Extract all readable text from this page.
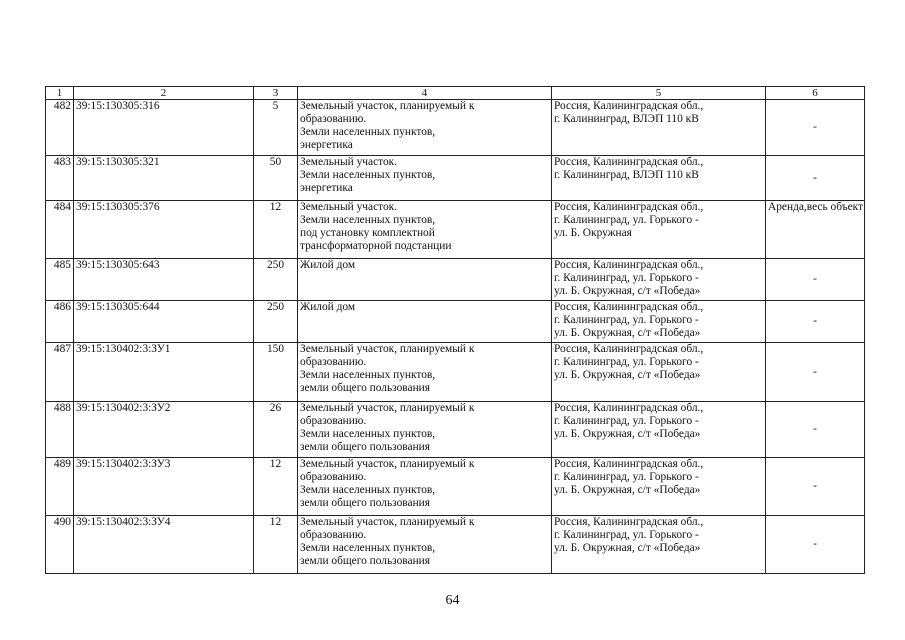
1	2	3	4	5	6
482	39:15:130305:316	5	Земельный участок, планируемый к
образованию.
Земли населенных пунктов,
энергетика	Россия, Калининградская обл.,
г. Калининград, ВЛЭП 110 кВ	-
483	39:15:130305:321	50	Земельный участок.
Земли населенных пунктов,
энергетика	Россия, Калининградская обл.,
г. Калининград, ВЛЭП 110 кВ	-
484	39:15:130305:376	12	Земельный участок.
Земли населенных пунктов,
под установку комплектной
трансформаторной подстанции	Россия, Калининградская обл.,
г. Калининград, ул. Горького -
ул. Б. Окружная	Аренда,весь объект
485	39:15:130305:643	250	Жилой дом	Россия, Калининградская обл.,
г. Калининград, ул. Горького -
ул. Б. Окружная, с/т «Победа»	-
486	39:15:130305:644	250	Жилой дом	Россия, Калининградская обл.,
г. Калининград, ул. Горького -
ул. Б. Окружная, с/т «Победа»	-
487	39:15:130402:3:ЗУ1	150	Земельный участок, планируемый к
образованию.
Земли населенных пунктов,
земли общего пользования	Россия, Калининградская обл.,
г. Калининград, ул. Горького -
ул. Б. Окружная, с/т «Победа»	-
488	39:15:130402:3:ЗУ2	26	Земельный участок, планируемый к
образованию.
Земли населенных пунктов,
земли общего пользования	Россия, Калининградская обл.,
г. Калининград, ул. Горького -
ул. Б. Окружная, с/т «Победа»	-
489	39:15:130402:3:ЗУ3	12	Земельный участок, планируемый к
образованию.
Земли населенных пунктов,
земли общего пользования	Россия, Калининградская обл.,
г. Калининград, ул. Горького -
ул. Б. Окружная, с/т «Победа»	-
490	39:15:130402:3:ЗУ4	12	Земельный участок, планируемый к
образованию.
Земли населенных пунктов,
земли общего пользования	Россия, Калининградская обл.,
г. Калининград, ул. Горького -
ул. Б. Окружная, с/т «Победа»	-
64
